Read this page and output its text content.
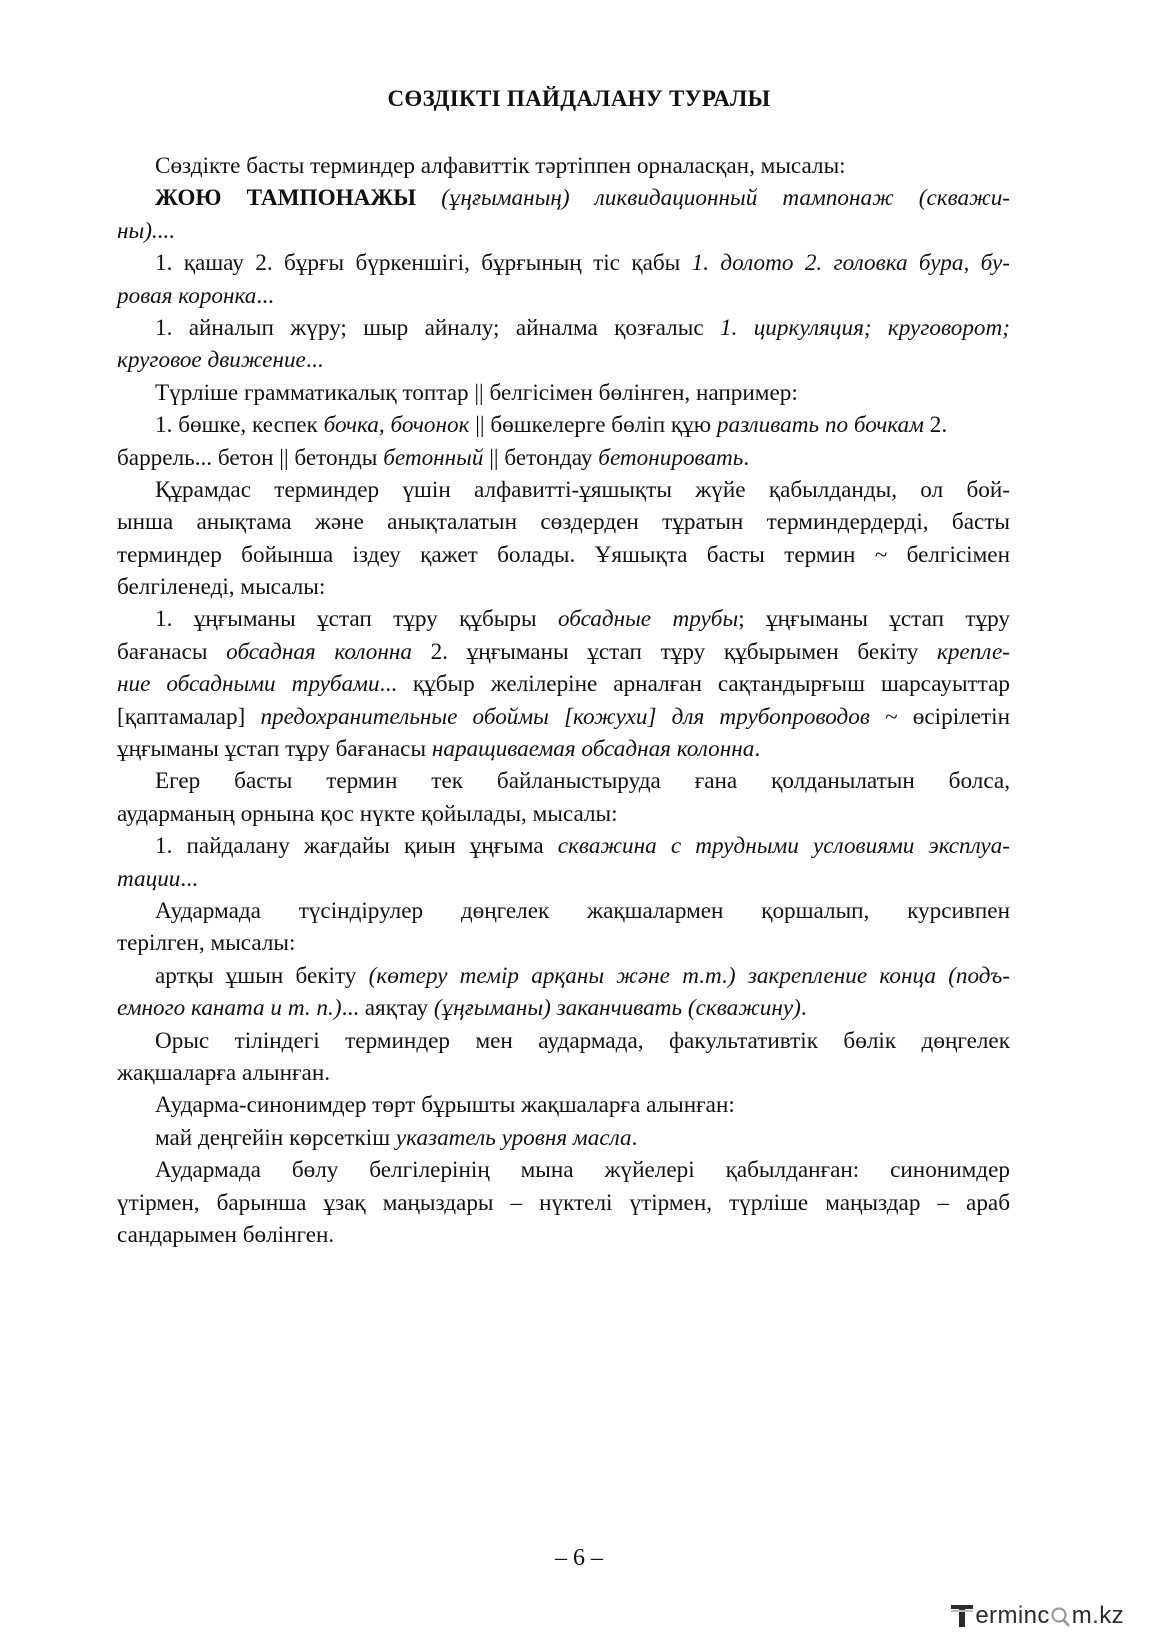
СӨЗДІКТІ ПАЙДАЛАНУ ТУРАЛЫ
Сөздікте басты терминдер алфавиттік тәртіппен орналасқан, мысалы:
ЖОЮ ТАМПОНАЖЫ (ұңғыманың) ликвидационный тампонаж (скважи-
ны)....
1. қашау 2. бұрғы бүркеншігі, бұрғының тіс қабы 1. долото 2. головка бура, бу-
ровая коронка...
1. айналып жүру; шыр айналу; айналма қозғалыс 1. циркуляция; круговорот;
круговое движение...
Түрліше грамматикалық топтар || белгісімен бөлінген, например:
1. бөшке, кеспек бочка, бочонок || бөшкелерге бөліп құю разливать по бочкам 2.
баррель... бетон || бетонды бетонный || бетондау бетонировать.
Құрамдас терминдер үшін алфавитті-ұяшықты жүйе қабылданды, ол бой-
ынша анықтама және анықталатын сөздерден тұратын терминдердерді, басты
терминдер бойынша іздеу қажет болады. Ұяшықта басты термин ~ белгісімен
белгіленеді, мысалы:
1. ұңғыманы ұстап тұру құбыры обсадные трубы; ұңғыманы ұстап тұру
бағанасы обсадная колонна 2. ұңғыманы ұстап тұру құбырымен бекіту крепле-
ние обсадными трубами... құбыр желілеріне арналған сақтандырғыш шарсауыттар
[қаптамалар] предохранительные обоймы [кожухи] для трубопроводов ~ өсірілетін
ұңғыманы ұстап тұру бағанасы наращиваемая обсадная колонна.
Егер басты термин тек байланыстыруда ғана қолданылатын болса,
аударманың орнына қос нүкте қойылады, мысалы:
1. пайдалану жағдайы қиын ұңғыма скважина с трудными условиями эксплуа-
тации...
Аудармада түсіндірулер дөңгелек жақшалармен қоршалып, курсивпен
терілген, мысалы:
артқы ұшын бекіту (көтеру темір арқаны және т.т.) закрепление конца (подъ-
емного каната и т. п.)... аяқтау (ұңғыманы) заканчивать (скважину).
Орыс тіліндегі терминдер мен аудармада, факультативтік бөлік дөңгелек
жақшаларға алынған.
Аударма-синонимдер төрт бұрышты жақшаларға алынған:
май деңгейін көрсеткіш указатель уровня масла.
Аудармада бөлу белгілерінің мына жүйелері қабылданған: синонимдер
үтірмен, барынша ұзақ маңыздары – нүктелі үтірмен, түрліше маңыздар – араб
сандарымен бөлінген.
– 6 –
ermin c m.kz
